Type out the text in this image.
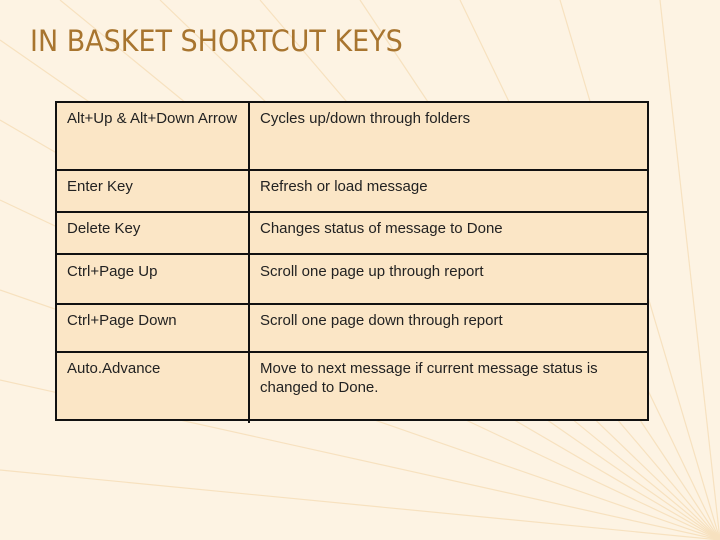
IN BASKET SHORTCUT KEYS
Alt+Up & Alt+Down Arrow	Cycles up/down through folders
Enter Key	Refresh or load message
Delete Key	Changes status of message to Done
Ctrl+Page Up	Scroll one page up through report
Ctrl+Page Down	Scroll one page down through report
Auto.Advance	Move to next message if current message status is changed to Done.
